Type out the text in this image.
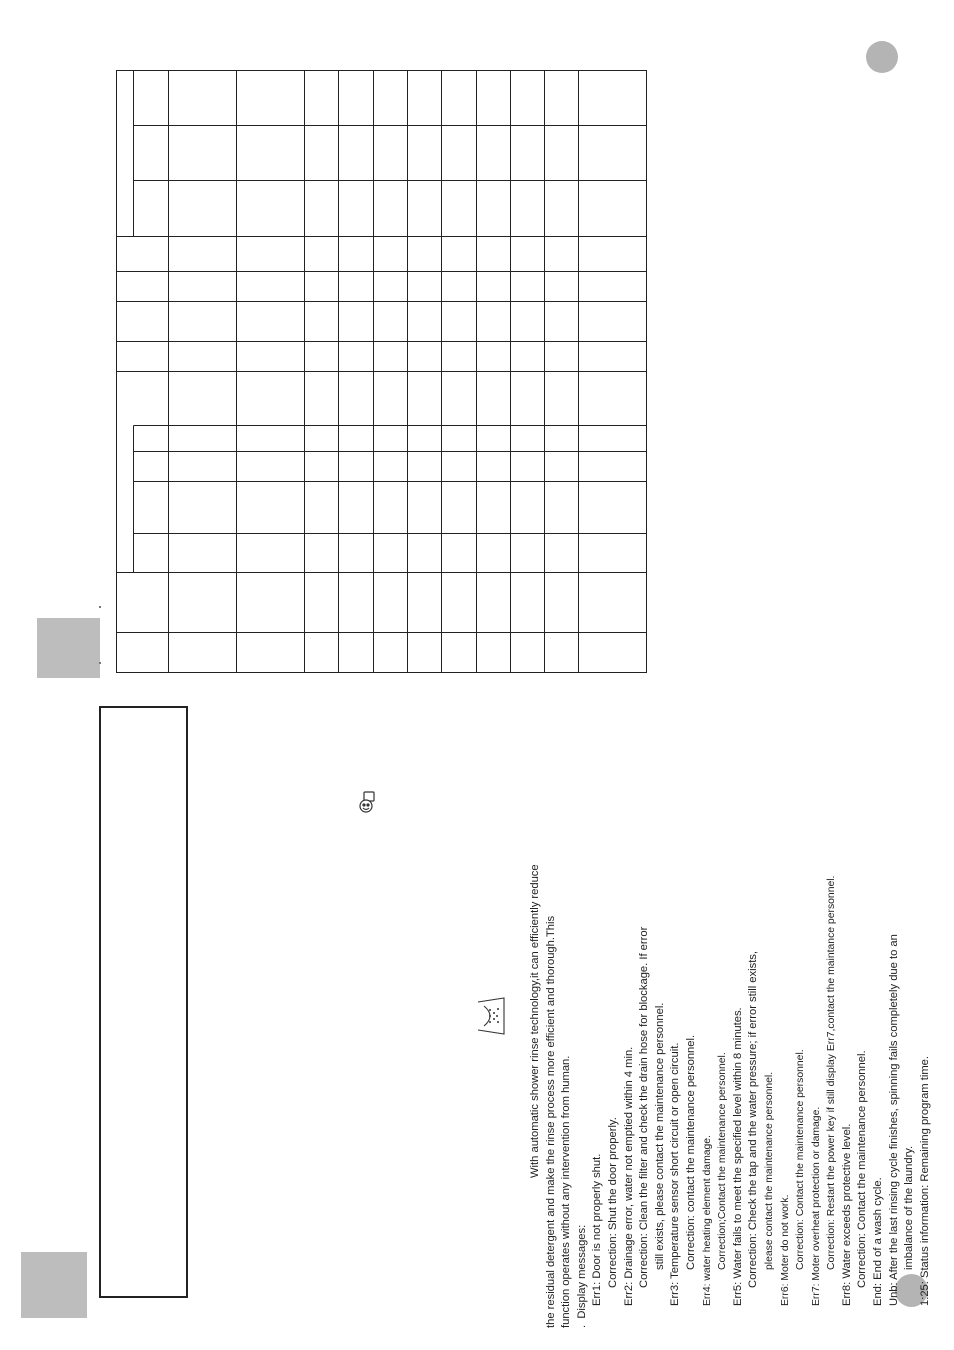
With automatic shower rinse technology,it can efficiently reduce the residual detergent and make the rinse process more efficient and thorough.This function operates without any intervention from human.

.  Display messages: Err1: Door is not properly shut. Correction: Shut the door properly. Err2: Drainage error, water not emptied within 4 min. Correction: Clean the filter and check the drain hose for blockage. If error still exists, please contact the maintenance personnel. Err3: Temperature sensor short circuit or open circuit. Correction: contact the maintenance personnel. Err4: water heating element damage. Correction;Contact the maintenance personnel. Err5: Water fails to meet the specified level within 8 minutes. Correction: Check the tap and the water pressure; if error still exists, please contact the maintenance personnel. Err6: Moter do not work. Correction: Contact the maintenance personnel. Err7: Moter overheat protection or damage. Correction: Restart the power key if still display Err7,contact the maintance personnel. Err8: Water exceeds protective level. Correction: Contact the maintenance personnel. End: End of a wash cycle. Unb: After the last rinsing cycle finishes, spinning fails completely due to an imbalance of the laundry. 1:25: Status information: Remaining program time.
